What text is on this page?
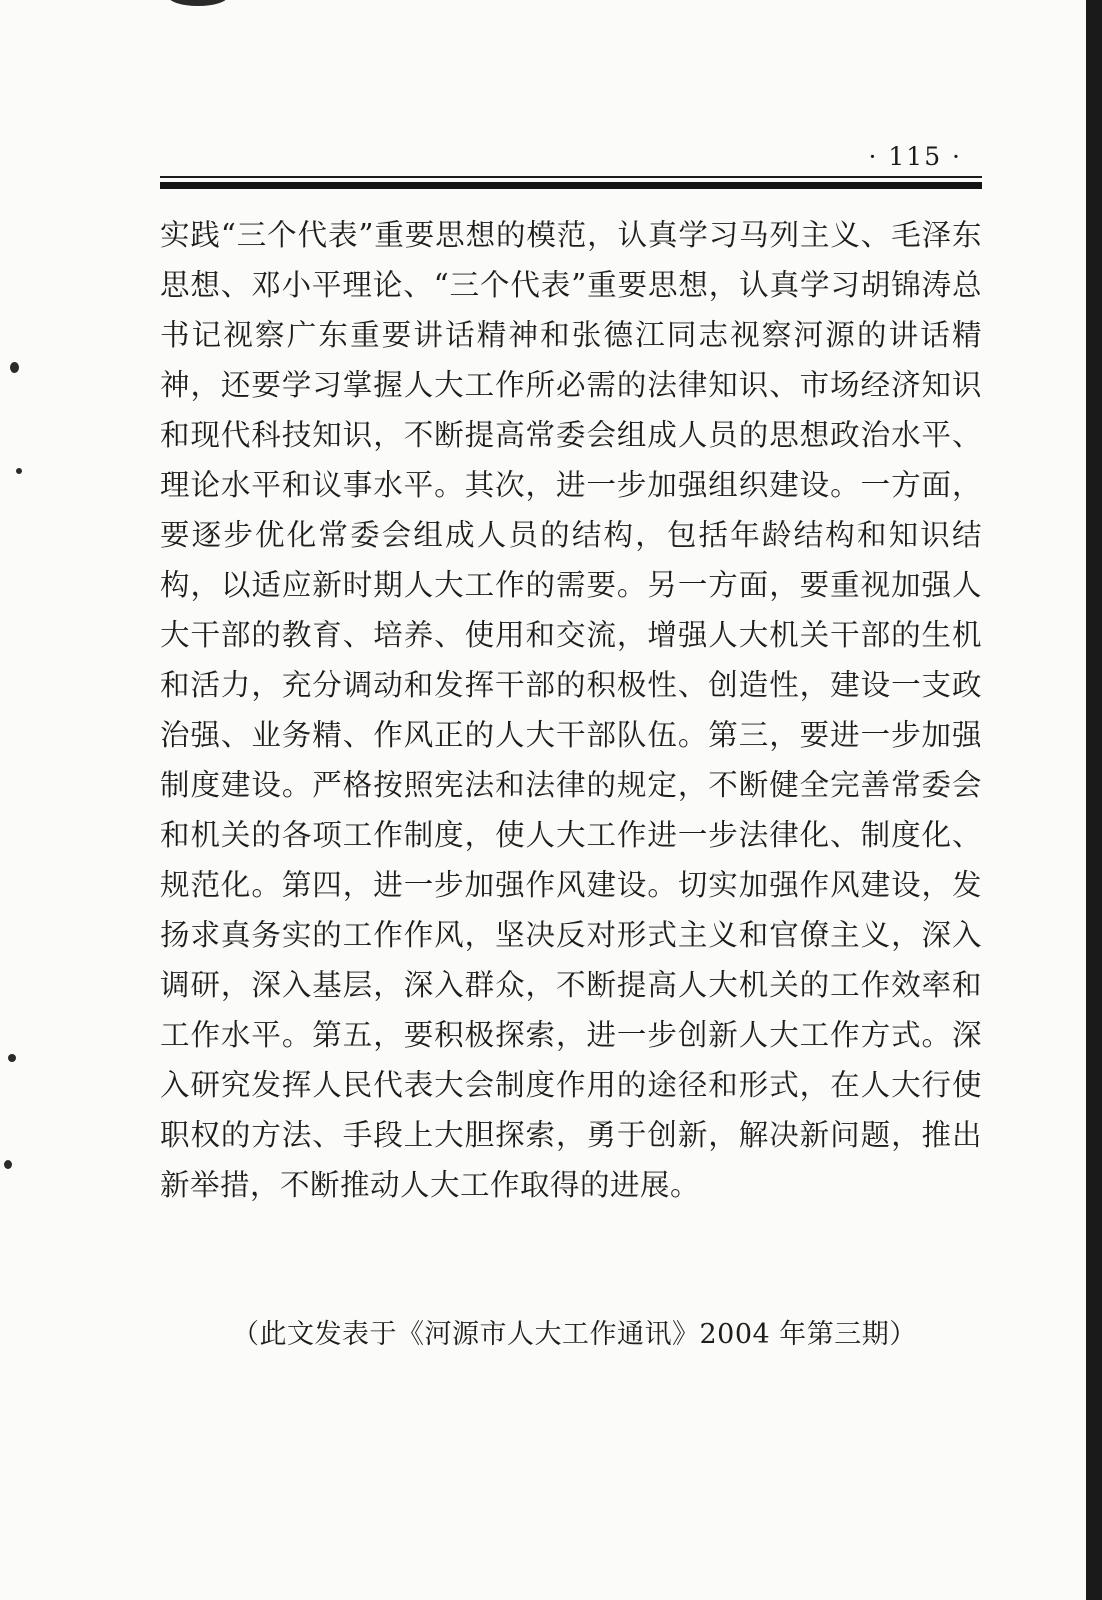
· 115 ·

实践“三个代表”重要思想的模范，认真学习马列主义、毛泽东思想、邓小平理论、“三个代表”重要思想，认真学习胡锦涛总书记视察广东重要讲话精神和张德江同志视察河源的讲话精神，还要学习掌握人大工作所必需的法律知识、市场经济知识和现代科技知识，不断提高常委会组成人员的思想政治水平、理论水平和议事水平。其次，进一步加强组织建设。一方面，要逐步优化常委会组成人员的结构，包括年龄结构和知识结构，以适应新时期人大工作的需要。另一方面，要重视加强人大干部的教育、培养、使用和交流，增强人大机关干部的生机和活力，充分调动和发挥干部的积极性、创造性，建设一支政治强、业务精、作风正的人大干部队伍。第三，要进一步加强制度建设。严格按照宪法和法律的规定，不断健全完善常委会和机关的各项工作制度，使人大工作进一步法律化、制度化、规范化。第四，进一步加强作风建设。切实加强作风建设，发扬求真务实的工作作风，坚决反对形式主义和官僚主义，深入调研，深入基层，深入群众，不断提高人大机关的工作效率和工作水平。第五，要积极探索，进一步创新人大工作方式。深入研究发挥人民代表大会制度作用的途径和形式，在人大行使职权的方法、手段上大胆探索，勇于创新，解决新问题，推出新举措，不断推动人大工作取得的进展。

（此文发表于《河源市人大工作通讯》2004 年第三期）
